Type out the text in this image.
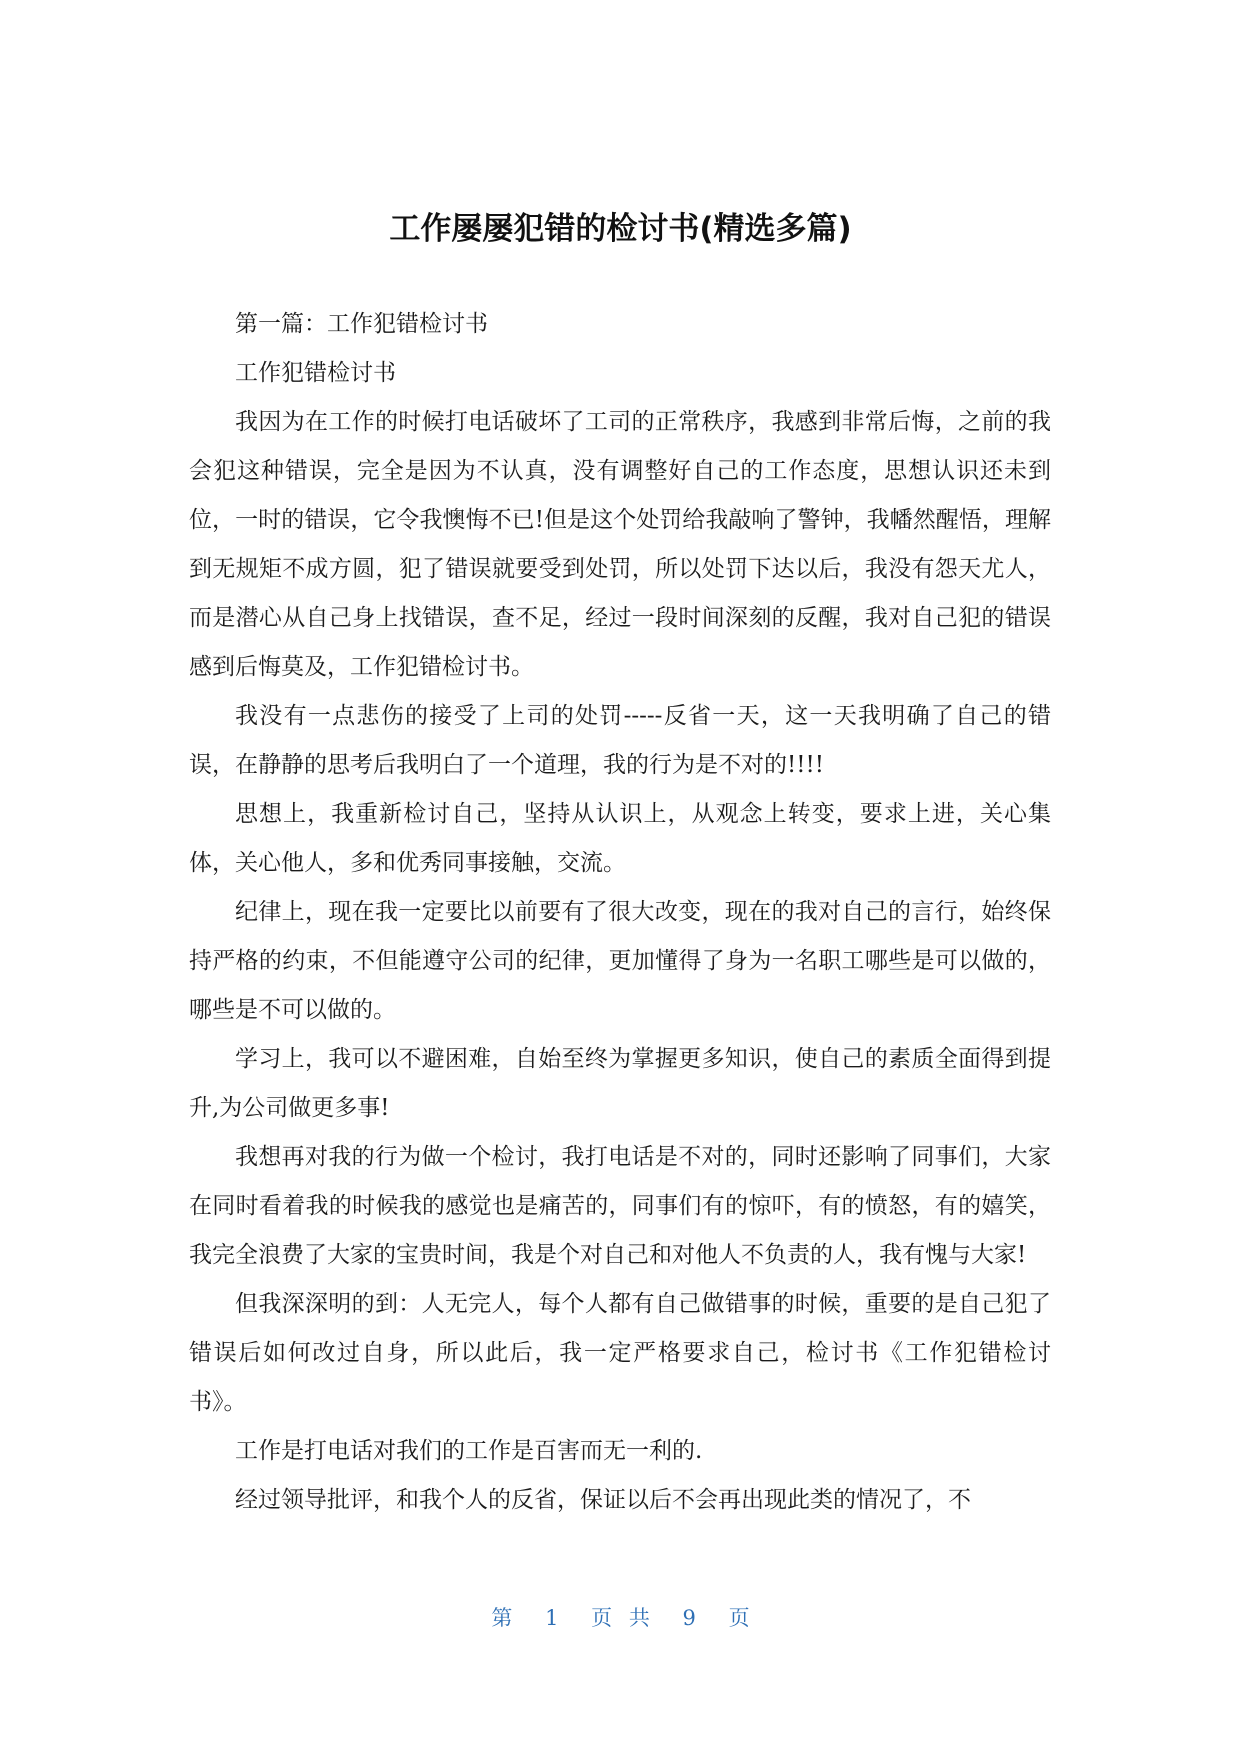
工作屡屡犯错的检讨书(精选多篇)

第一篇：工作犯错检讨书

工作犯错检讨书

我因为在工作的时候打电话破坏了工司的正常秩序，我感到非常后悔，之前的我会犯这种错误，完全是因为不认真，没有调整好自己的工作态度，思想认识还未到位，一时的错误，它令我懊悔不已!但是这个处罚给我敲响了警钟，我幡然醒悟，理解到无规矩不成方圆，犯了错误就要受到处罚，所以处罚下达以后，我没有怨天尤人，而是潜心从自己身上找错误，查不足，经过一段时间深刻的反醒，我对自己犯的错误感到后悔莫及，工作犯错检讨书。

我没有一点悲伤的接受了上司的处罚-----反省一天，这一天我明确了自己的错误，在静静的思考后我明白了一个道理，我的行为是不对的!!!!

思想上，我重新检讨自己，坚持从认识上，从观念上转变，要求上进，关心集体，关心他人，多和优秀同事接触，交流。

纪律上，现在我一定要比以前要有了很大改变，现在的我对自己的言行，始终保持严格的约束，不但能遵守公司的纪律，更加懂得了身为一名职工哪些是可以做的，哪些是不可以做的。

学习上，我可以不避困难，自始至终为掌握更多知识，使自己的素质全面得到提升,为公司做更多事!

我想再对我的行为做一个检讨，我打电话是不对的，同时还影响了同事们，大家在同时看着我的时候我的感觉也是痛苦的，同事们有的惊吓，有的愤怒，有的嬉笑，我完全浪费了大家的宝贵时间，我是个对自己和对他人不负责的人，我有愧与大家!

但我深深明的到：人无完人，每个人都有自己做错事的时候，重要的是自己犯了错误后如何改过自身，所以此后，我一定严格要求自己，检讨书《工作犯错检讨书》。

工作是打电话对我们的工作是百害而无一利的.

经过领导批评，和我个人的反省，保证以后不会再出现此类的情况了，不

第 1 页 共 9 页
